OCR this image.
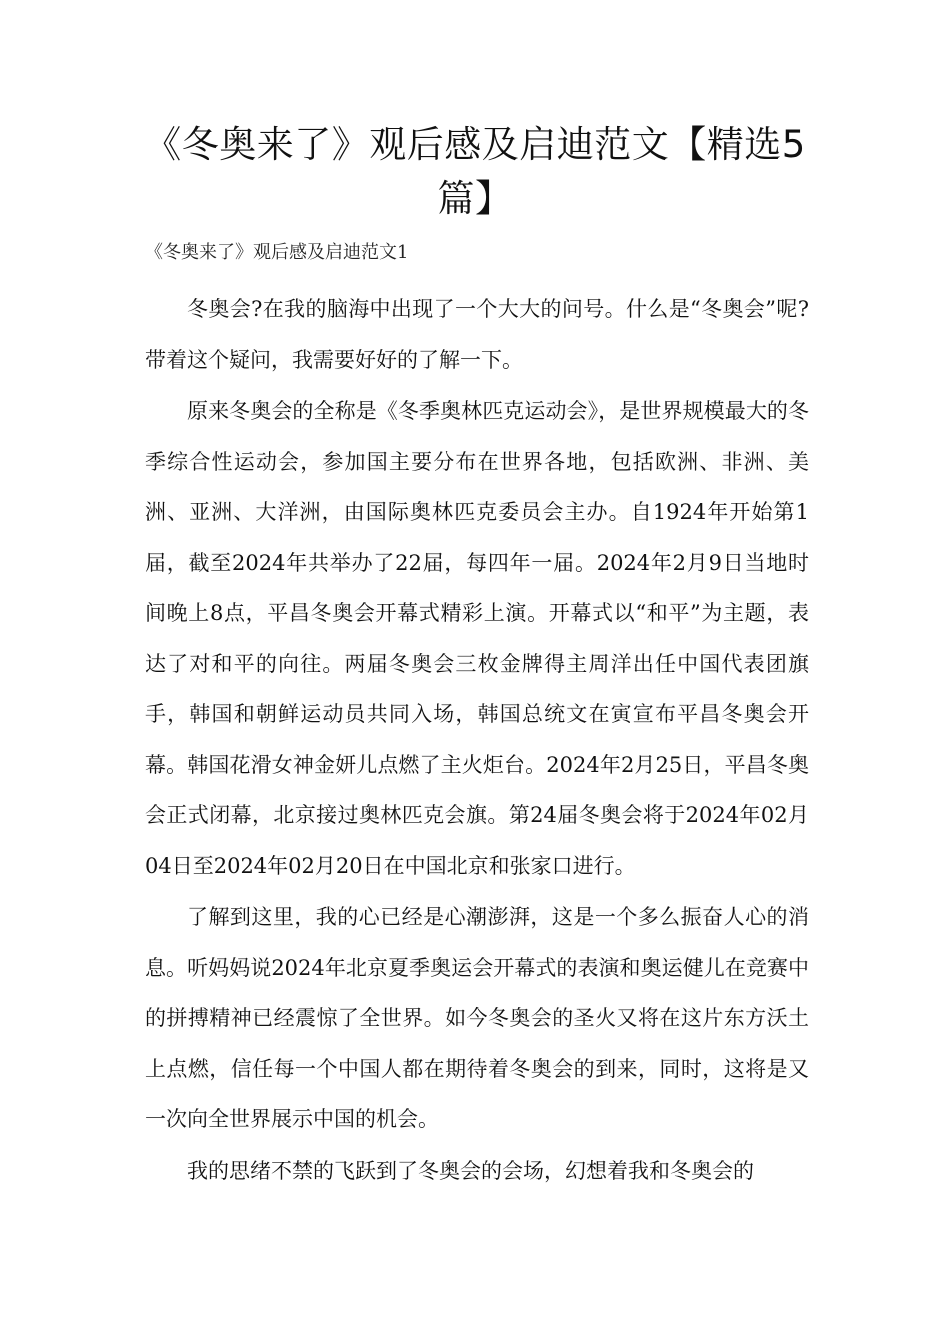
《冬奥来了》观后感及启迪范文【精选5篇】
《冬奥来了》观后感及启迪范文1

冬奥会?在我的脑海中出现了一个大大的问号。什么是“冬奥会”呢?带着这个疑问，我需要好好的了解一下。

原来冬奥会的全称是《冬季奥林匹克运动会》，是世界规模最大的冬季综合性运动会，参加国主要分布在世界各地，包括欧洲、非洲、美洲、亚洲、大洋洲，由国际奥林匹克委员会主办。自1924年开始第1届，截至2024年共举办了22届，每四年一届。2024年2月9日当地时间晚上8点，平昌冬奥会开幕式精彩上演。开幕式以“和平”为主题，表达了对和平的向往。两届冬奥会三枚金牌得主周洋出任中国代表团旗手，韩国和朝鲜运动员共同入场，韩国总统文在寅宣布平昌冬奥会开幕。韩国花滑女神金妍儿点燃了主火炬台。2024年2月25日，平昌冬奥会正式闭幕，北京接过奥林匹克会旗。第24届冬奥会将于2024年02月04日至2024年02月20日在中国北京和张家口进行。

了解到这里，我的心已经是心潮澎湃，这是一个多么振奋人心的消息。听妈妈说2024年北京夏季奥运会开幕式的表演和奥运健儿在竞赛中的拼搏精神已经震惊了全世界。如今冬奥会的圣火又将在这片东方沃土上点燃，信任每一个中国人都在期待着冬奥会的到来，同时，这将是又一次向全世界展示中国的机会。

我的思绪不禁的飞跃到了冬奥会的会场，幻想着我和冬奥会的
